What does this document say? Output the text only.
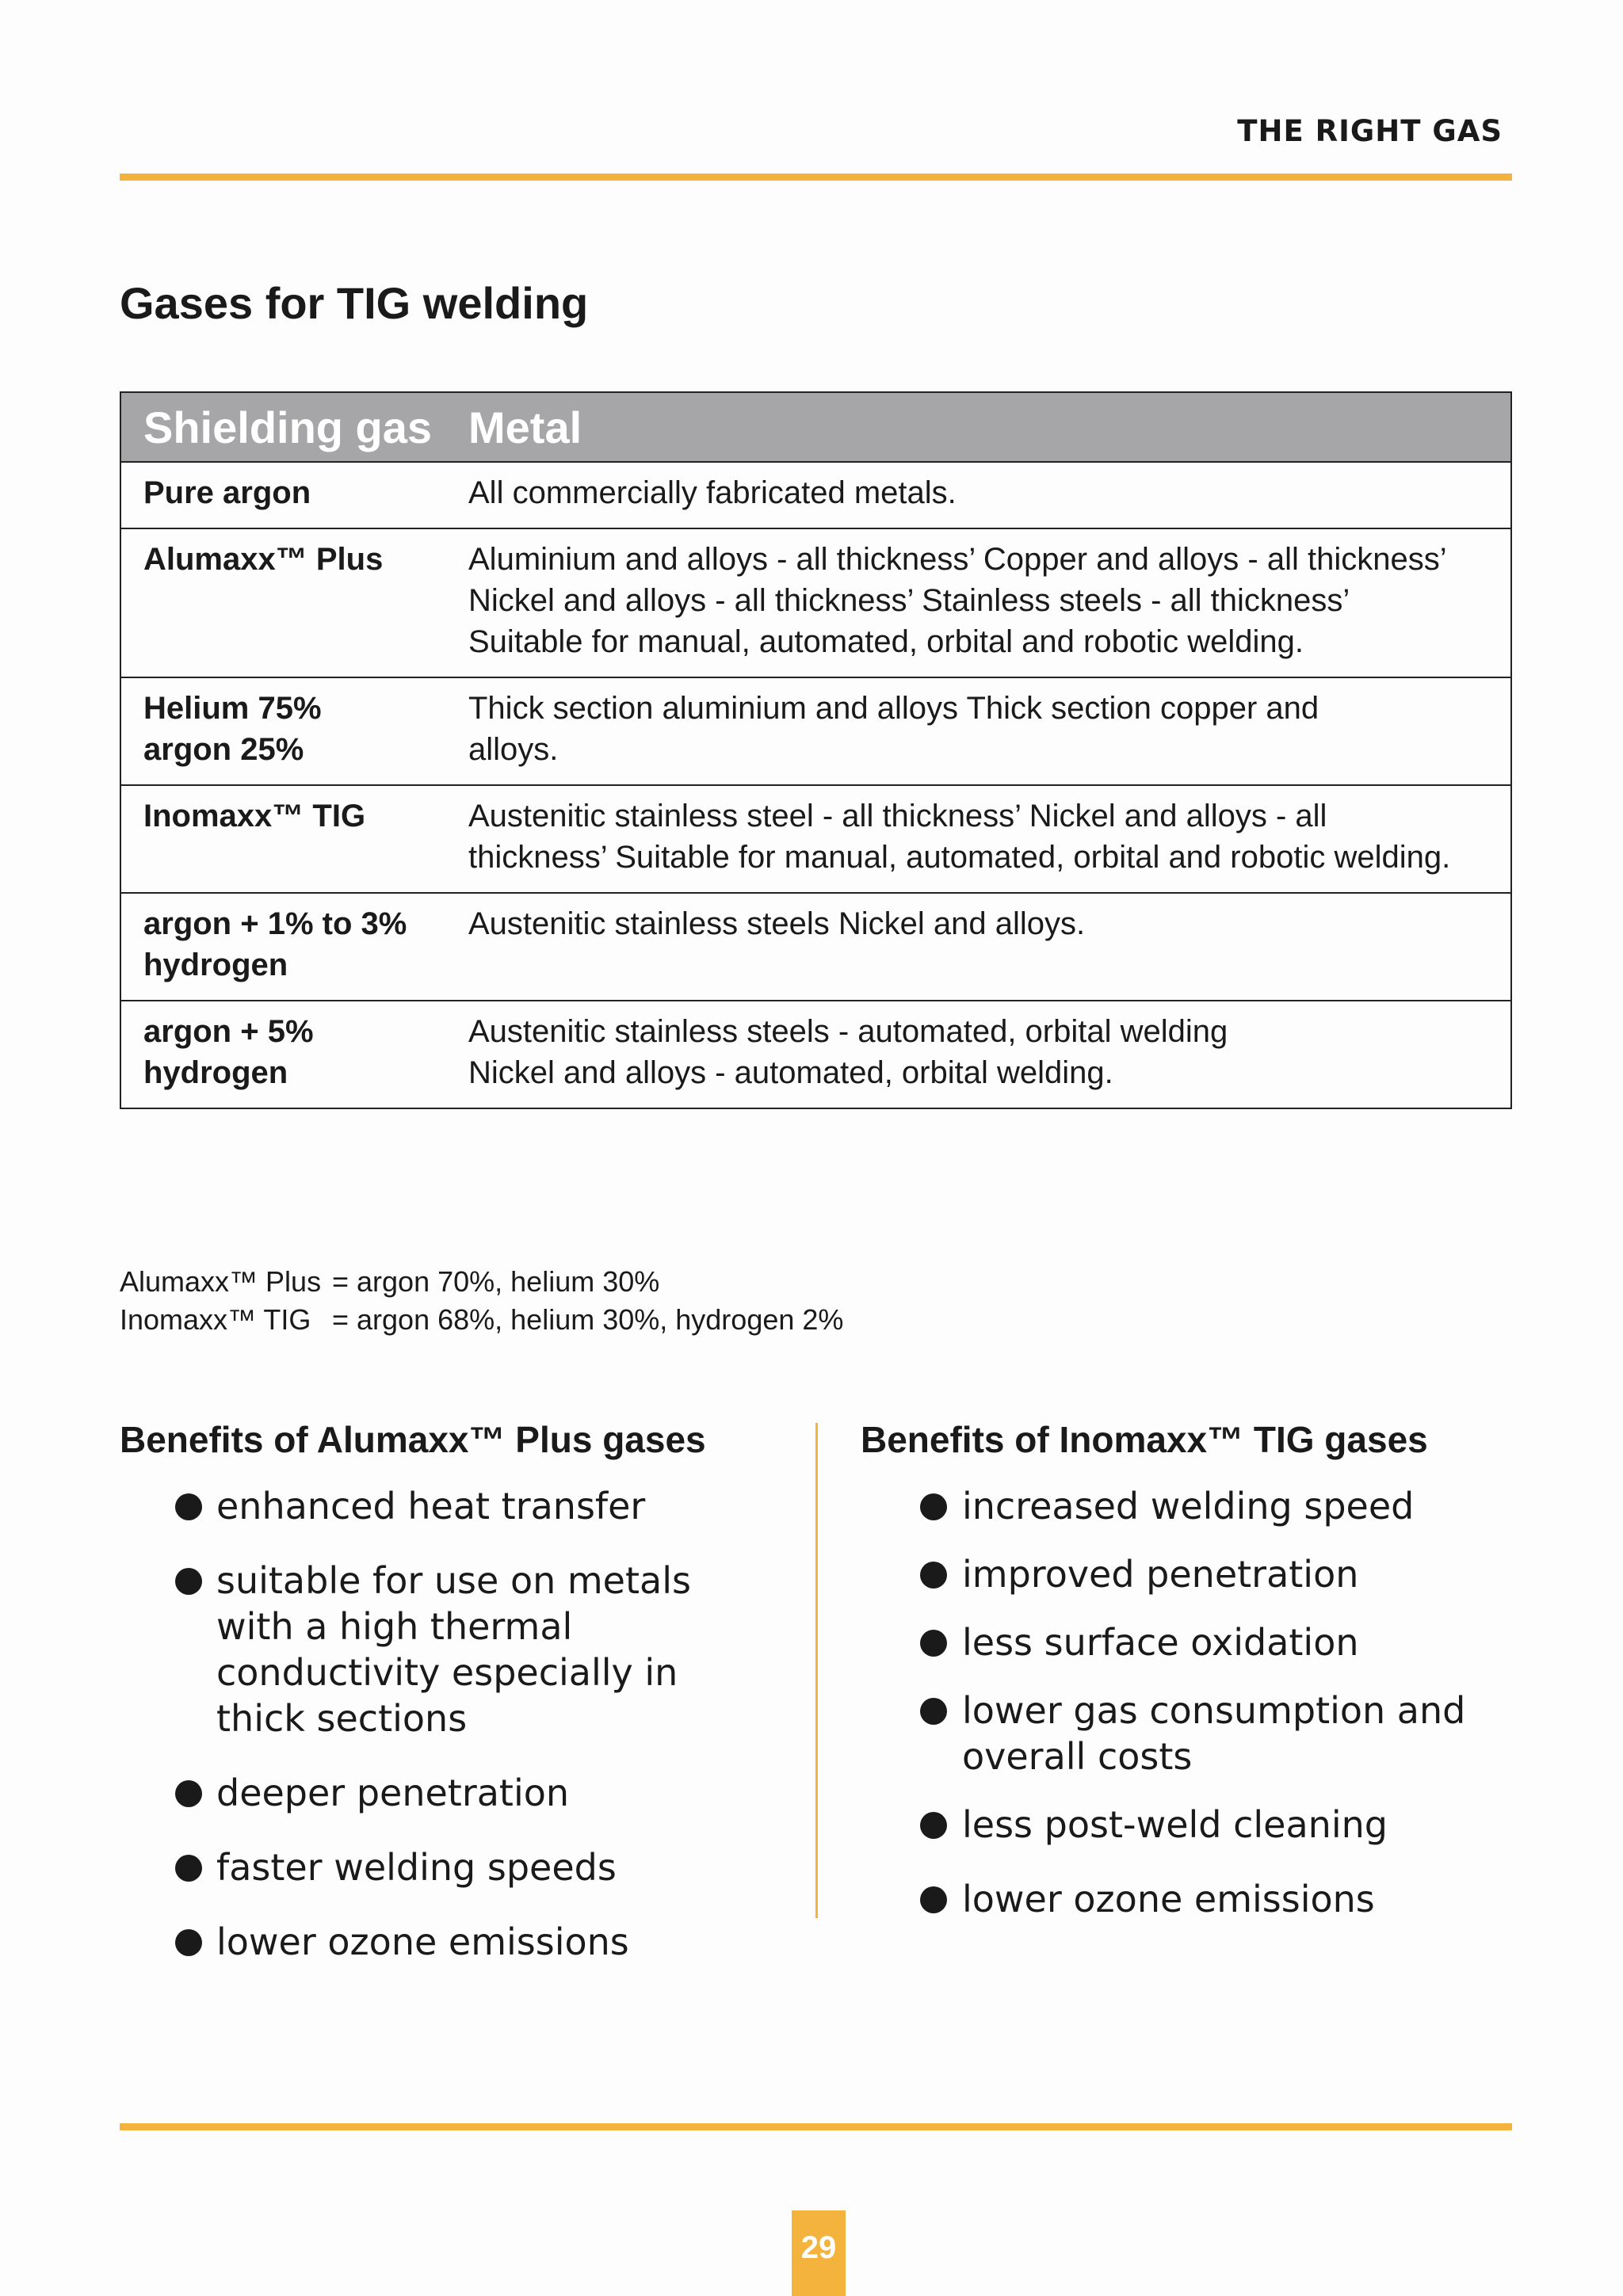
THE RIGHT GAS
Gases for TIG welding
Shielding gas	Metal
Pure argon	All commercially fabricated metals.
Alumaxx™ Plus	Aluminium and alloys - all thickness’ Copper and alloys - all thickness’ Nickel and alloys - all thickness’ Stainless steels - all thickness’ Suitable for manual, automated, orbital and robotic welding.
Helium 75% argon 25%	Thick section aluminium and alloys Thick section copper and alloys.
Inomaxx™ TIG	Austenitic stainless steel - all thickness’ Nickel and alloys - all thickness’ Suitable for manual, automated, orbital and robotic welding.
argon + 1% to 3% hydrogen	Austenitic stainless steels Nickel and alloys.
argon + 5% hydrogen	Austenitic stainless steels - automated, orbital welding Nickel and alloys - automated, orbital welding.
Alumaxx™ Plus = argon 70%, helium 30%
Inomaxx™ TIG = argon 68%, helium 30%, hydrogen 2%
Benefits of Alumaxx™ Plus gases
enhanced heat transfer
suitable for use on metals with a high thermal conductivity especially in thick sections
deeper penetration
faster welding speeds
lower ozone emissions
Benefits of Inomaxx™ TIG gases
increased welding speed
improved penetration
less surface oxidation
lower gas consumption and overall costs
less post-weld cleaning
lower ozone emissions
29
